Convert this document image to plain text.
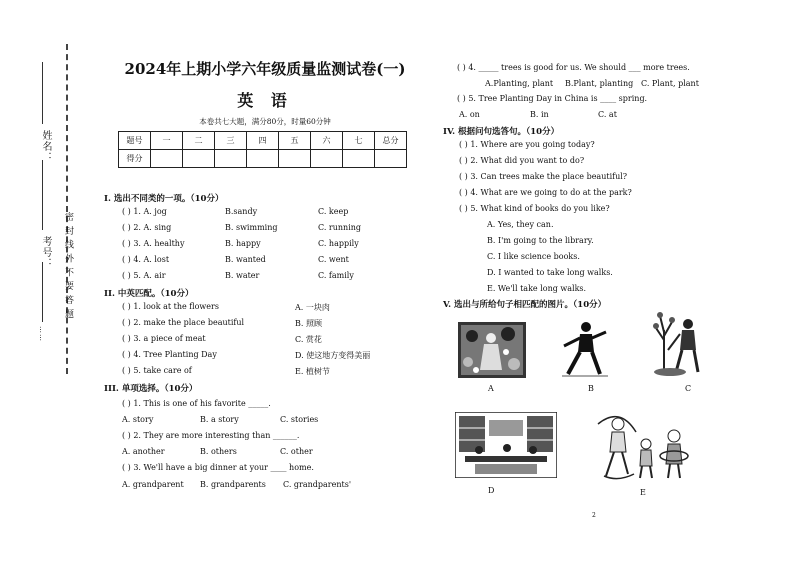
姓名：
考号： 密 封 线 外 不 要 答 题
……
2024年上期小学六年级质量监测试卷(一)
英 语
本卷共七大题，满分80分，时量60分钟
题号	一	二	三	四	五	六	七	总分
得分								
I. 选出不同类的一项。（10分）
( ) 1. A. jog	B.sandy	C. keep
( ) 2. A. sing	B. swimming	C. running
( ) 3. A. healthy	B. happy	C. happily
( ) 4. A. lost	B. wanted	C. went
( ) 5. A. air	B. water	C. family
II. 中英匹配。（10分）
( ) 1. look at the flowers	A. 一块肉
( ) 2. make the place beautiful	B. 照顾
( ) 3. a piece of meat	C. 赏花
( ) 4. Tree Planting Day	D. 使这地方变得美丽
( ) 5. take care of	E. 植树节
III. 单项选择。（10分）
( ) 1. This is one of his favorite _____.
A. story	B. a story	C. stories
( ) 2. They are more interesting than ______.
A. another	B. others	C. other
( ) 3. We'll have a big dinner at your ____ home.
A. grandparent B. grandparents C. grandparents'
( ) 4. _____ trees is good for us. We should ___ more trees.
A.Planting, plant B.Plant, planting C. Plant, plant
( ) 5. Tree Planting Day in China is ____ spring.
A. on	B. in	C. at
IV. 根据问句选答句。（10分）
( ) 1. Where are you going today?
( ) 2. What did you want to do?
( ) 3. Can trees make the place beautiful?
( ) 4. What are we going to do at the park?
( ) 5. What kind of books do you like?
A. Yes, they can.
B. I'm going to the library.
C. I like science books.
D. I wanted to take long walks.
E. We'll take long walks.
V. 选出与所给句子相匹配的图片。（10分）
A	B	C
D	E
2
